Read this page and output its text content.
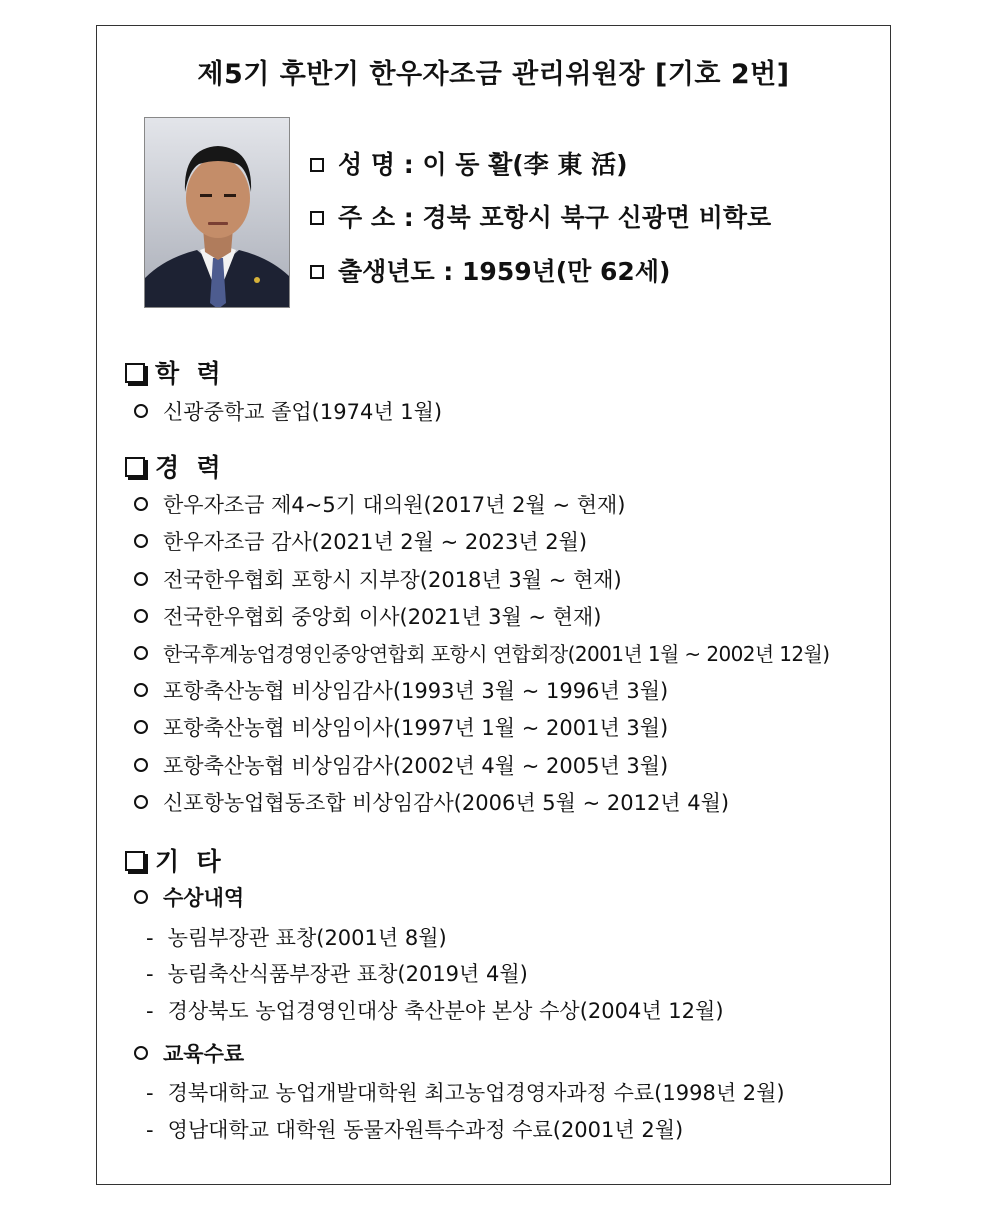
제5기 후반기 한우자조금 관리위원장 [기호 2번]
성 명 : 이 동 활(李 東 活)
주 소 : 경북 포항시 북구 신광면 비학로
출생년도 : 1959년(만 62세)
학  력
신광중학교 졸업(1974년 1월)
경  력
한우자조금 제4~5기 대의원(2017년 2월 ~ 현재)
한우자조금 감사(2021년 2월 ~ 2023년 2월)
전국한우협회 포항시 지부장(2018년 3월 ~ 현재)
전국한우협회 중앙회 이사(2021년 3월 ~ 현재)
한국후계농업경영인중앙연합회 포항시 연합회장(2001년 1월 ~ 2002년 12월)
포항축산농협 비상임감사(1993년 3월 ~ 1996년 3월)
포항축산농협 비상임이사(1997년 1월 ~ 2001년 3월)
포항축산농협 비상임감사(2002년 4월 ~ 2005년 3월)
신포항농업협동조합 비상임감사(2006년 5월 ~ 2012년 4월)
기  타
수상내역
- 농림부장관 표창(2001년 8월)
- 농림축산식품부장관 표창(2019년 4월)
- 경상북도 농업경영인대상 축산분야 본상 수상(2004년 12월)
교육수료
- 경북대학교 농업개발대학원 최고농업경영자과정 수료(1998년 2월)
- 영남대학교 대학원 동물자원특수과정 수료(2001년 2월)
